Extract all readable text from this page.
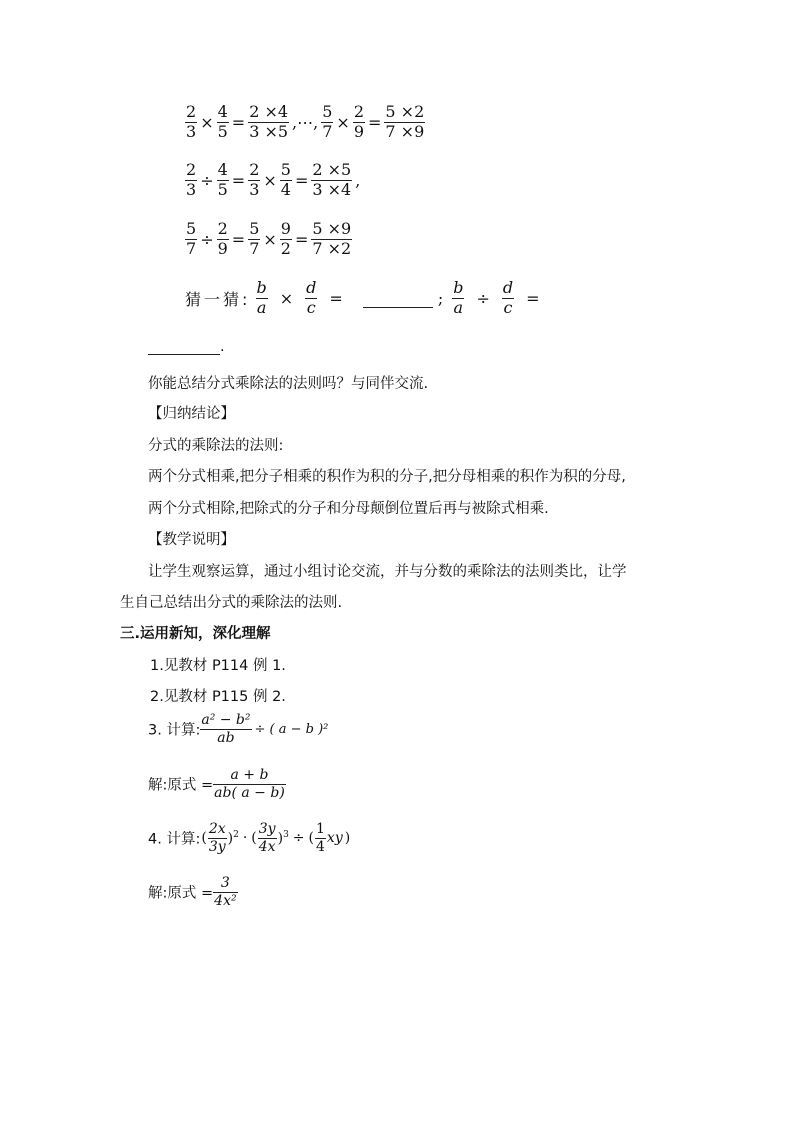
$\frac{2}{3} \times \frac{4}{5} = \frac{2 \times 4}{3 \times 5}$ ,⋯, $\frac{5}{7} \times \frac{2}{9} = \frac{5 \times 2}{7 \times 9}$
$\frac{2}{3} \div \frac{4}{5} = \frac{2}{3} \times \frac{5}{4} = \frac{2 \times 5}{3 \times 4}$ ,
$\frac{5}{7} \div \frac{2}{9} = \frac{5}{7} \times \frac{9}{2} = \frac{5 \times 9}{7 \times 2}$
猜一猜: $\frac{b}{a} \times \frac{d}{c}$ =	; $\frac{b}{a} \div \frac{d}{c}$ =
.
你能总结分式乘除法的法则吗？与同伴交流.
【归纳结论】
分式的乘除法的法则:
两个分式相乘,把分子相乘的积作为积的分子,把分母相乘的积作为积的分母,
两个分式相除,把除式的分子和分母颠倒位置后再与被除式相乘.
【教学说明】
让学生观察运算，通过小组讨论交流，并与分数的乘除法的法则类比，让学
生自己总结出分式的乘除法的法则.
三.运用新知，深化理解
1.见教材 P114 例 1.
2.见教材 P115 例 2.
3. 计算: $\frac{\text{a² − b²}}{ab}$ ÷ ( a − b )²
解:原式 = $\frac{a + b}{ab( a - b)}$
4. 计算:( $\frac{2x}{3y} )^2$ · ( $\frac{3y}{4x} )^3$ ÷ ( $\frac{1}{4}$ xy )
解:原式 = $\frac{3}{\text{4x²}}$
